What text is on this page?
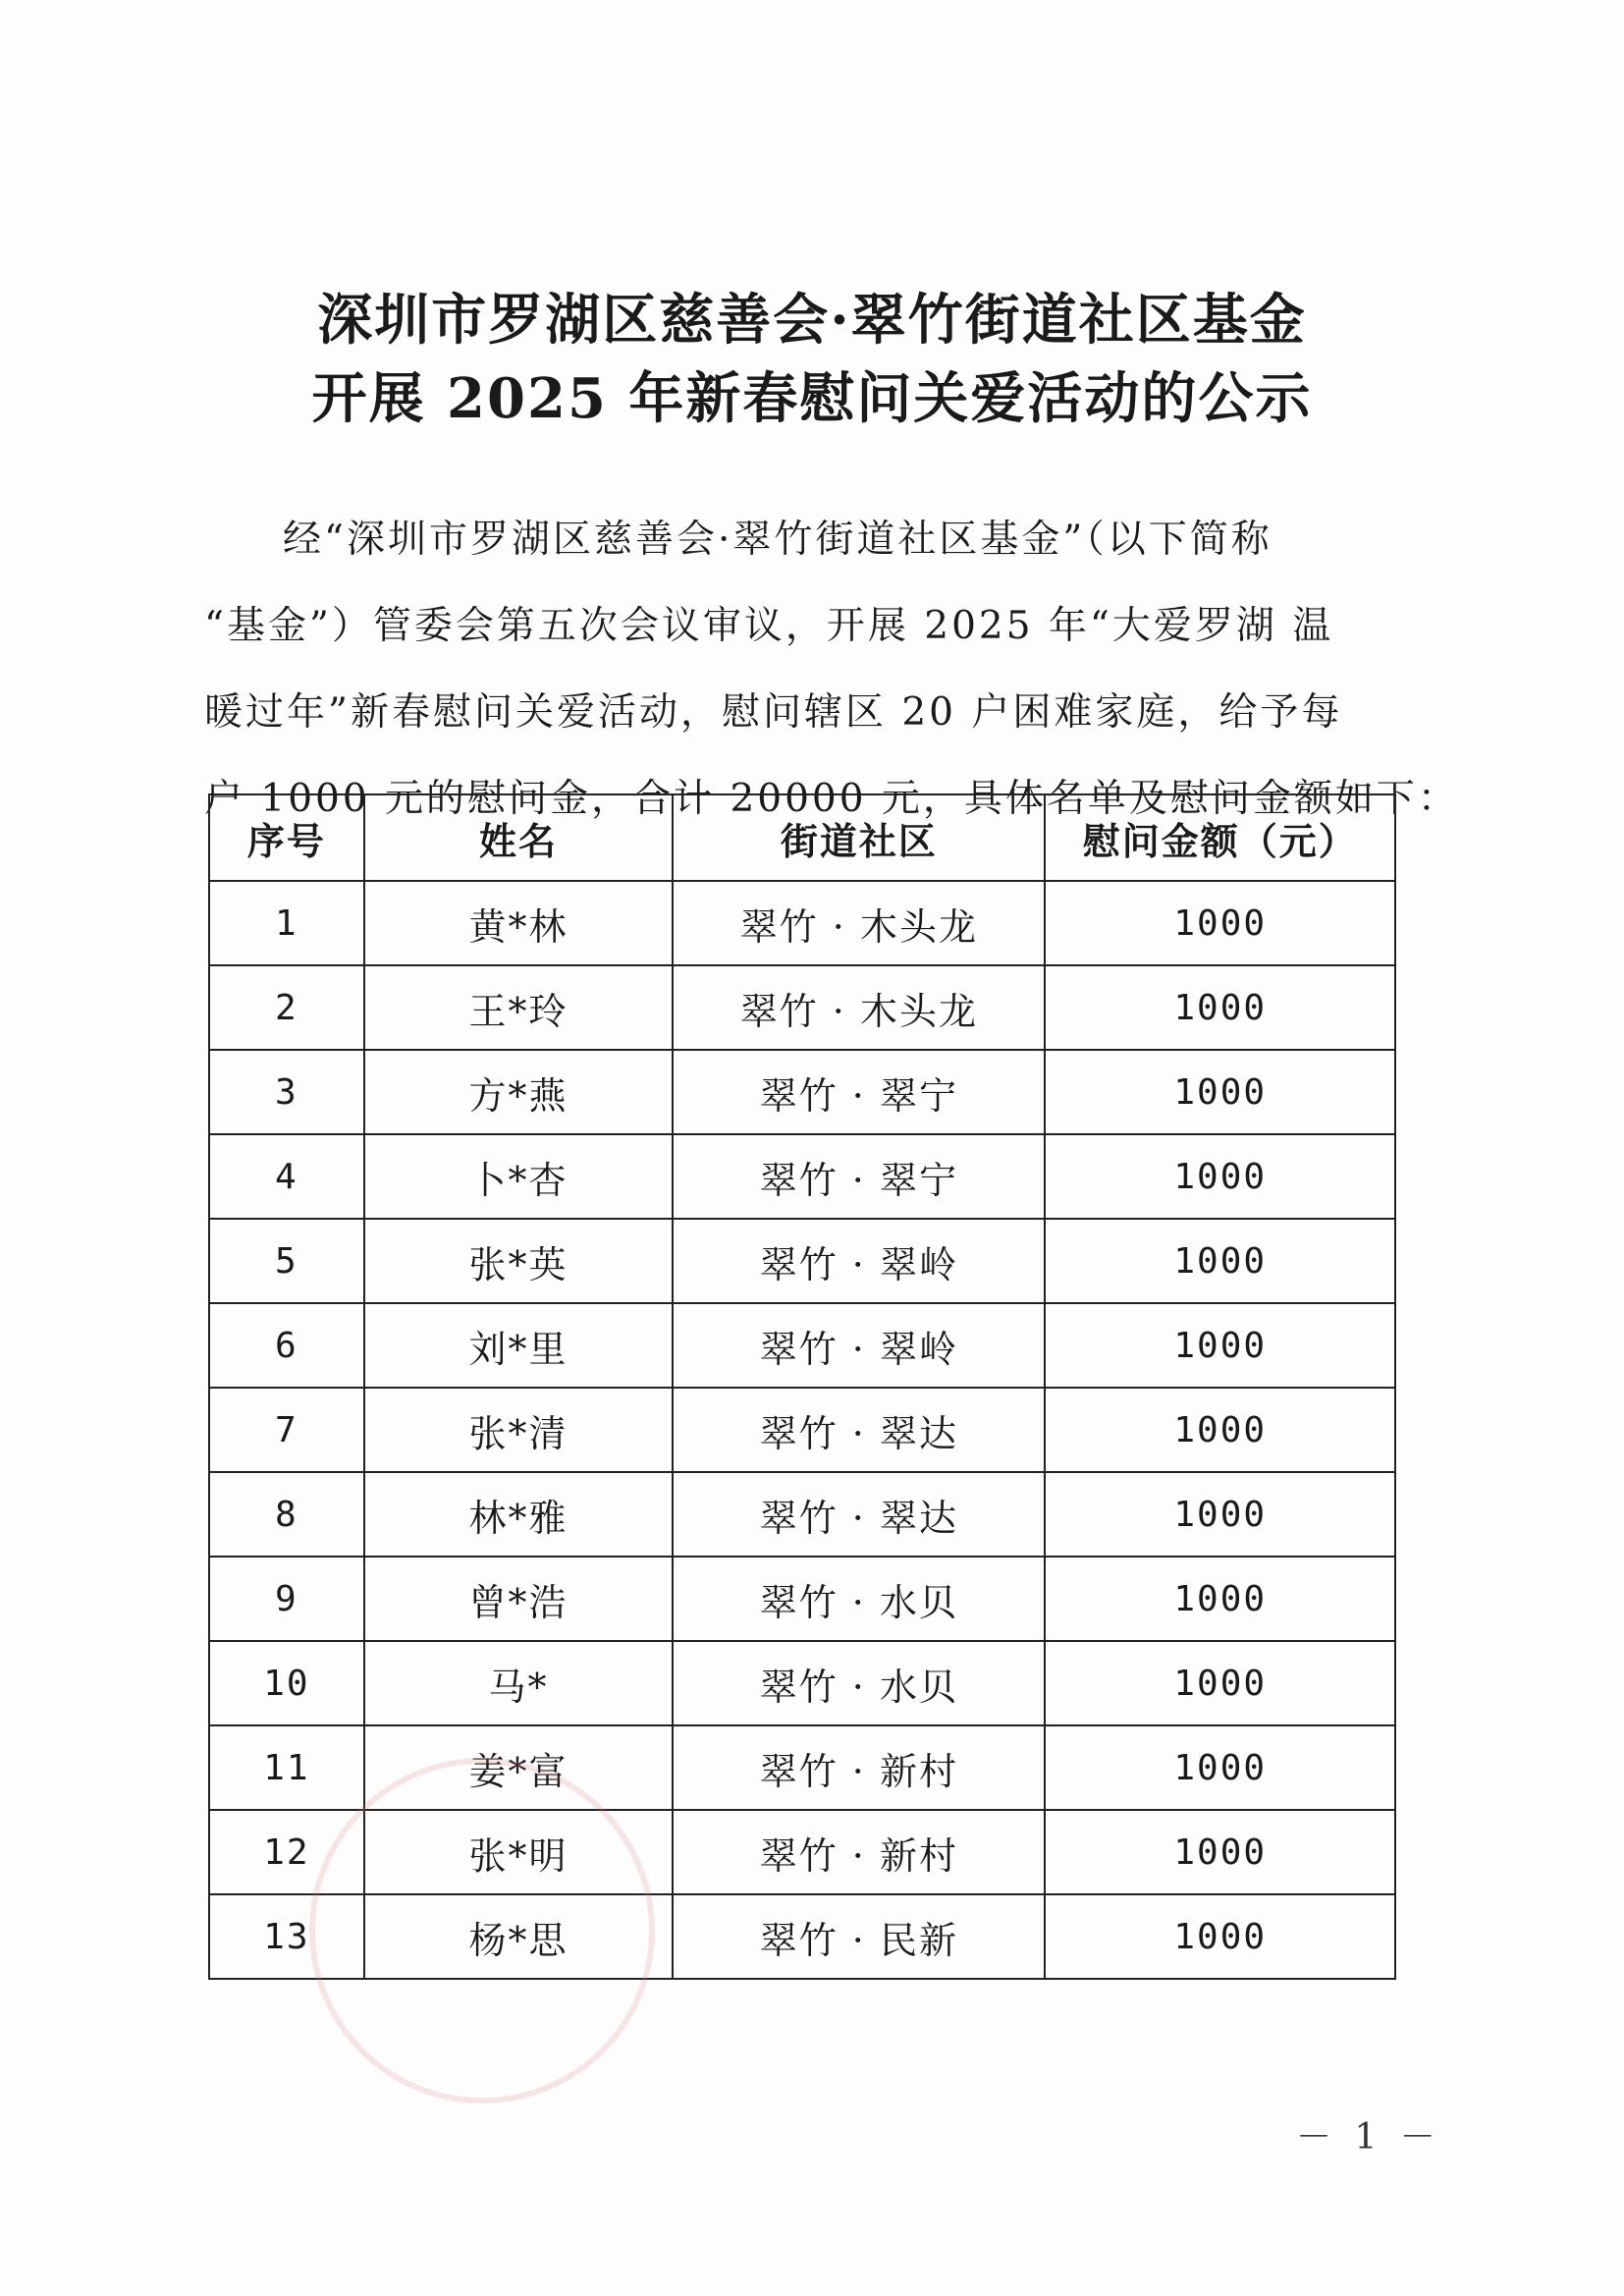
深圳市罗湖区慈善会·翠竹街道社区基金
开展 2025 年新春慰问关爱活动的公示

经“深圳市罗湖区慈善会·翠竹街道社区基金”（以下简称
“基金”）管委会第五次会议审议，开展 2025 年“大爱罗湖 温
暖过年”新春慰问关爱活动，慰问辖区 20 户困难家庭，给予每
户 1000 元的慰问金，合计 20000 元，具体名单及慰问金额如下：

序号	姓名	街道社区	慰问金额（元）
1	黄*林	翠竹 · 木头龙	1000
2	王*玲	翠竹 · 木头龙	1000
3	方*燕	翠竹 · 翠宁	1000
4	卜*杏	翠竹 · 翠宁	1000
5	张*英	翠竹 · 翠岭	1000
6	刘*里	翠竹 · 翠岭	1000
7	张*清	翠竹 · 翠达	1000
8	林*雅	翠竹 · 翠达	1000
9	曾*浩	翠竹 · 水贝	1000
10	马*	翠竹 · 水贝	1000
11	姜*富	翠竹 · 新村	1000
12	张*明	翠竹 · 新村	1000
13	杨*思	翠竹 · 民新	1000
－ 1 －
